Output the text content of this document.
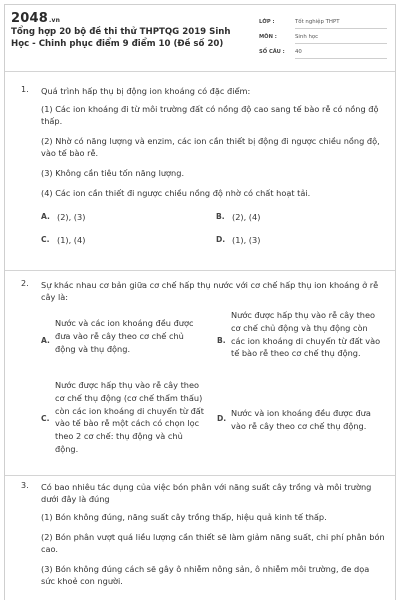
2048.vn
Tổng hợp 20 bộ đề thi thử THPTQG 2019 Sinh Học - Chinh phục điểm 9 điểm 10 (Đề số 20)
LỚP :	Tốt nghiệp THPT
MÔN :	Sinh học
SỐ CÂU : 40
1. Quá trình hấp thụ bị động ion khoáng có đặc điểm:
(1) Các ion khoáng đi từ môi trường đất có nồng độ cao sang tế bào rễ có nồng độ thấp.
(2) Nhờ có năng lượng và enzim, các ion cần thiết bị động đi ngược chiều nồng độ, vào tế bào rễ.
(3) Không cần tiêu tốn năng lượng.
(4) Các ion cần thiết đi ngược chiều nồng độ nhờ có chất hoạt tải.
A. (2), (3)	B. (2), (4)
C. (1), (4)	D. (1), (3)
2. Sự khác nhau cơ bản giữa cơ chế hấp thụ nước với cơ chế hấp thụ ion khoáng ở rễ cây là:
A.
Nước và các ion khoáng đều được đưa vào rễ cây theo cơ chế chủ động và thụ động.
B.
Nước được hấp thụ vào rễ cây theo cơ chế chủ động và thụ động còn các ion khoáng di chuyển từ đất vào tế bào rễ theo cơ chế thụ động.
C.
Nước được hấp thụ vào rễ cây theo cơ chế thụ động (cơ chế thẩm thấu) còn các ion khoáng di chuyển từ đất vào tế bào rễ một cách có chọn lọc theo 2 cơ chế: thụ động và chủ động.
D.
Nước và ion khoáng đều được đưa vào rễ cây theo cơ chế thụ động.
3. Có bao nhiêu tác dụng của việc bón phân với năng suất cây trồng và môi trường dưới đây là đúng
(1) Bón không đúng, năng suất cây trồng thấp, hiệu quả kinh tế thấp.
(2) Bón phân vượt quá liều lượng cần thiết sẽ làm giảm năng suất, chi phí phân bón cao.
(3) Bón không đúng cách sẽ gây ô nhiễm nông sản, ô nhiễm môi trường, đe dọa sức khoẻ con người.
